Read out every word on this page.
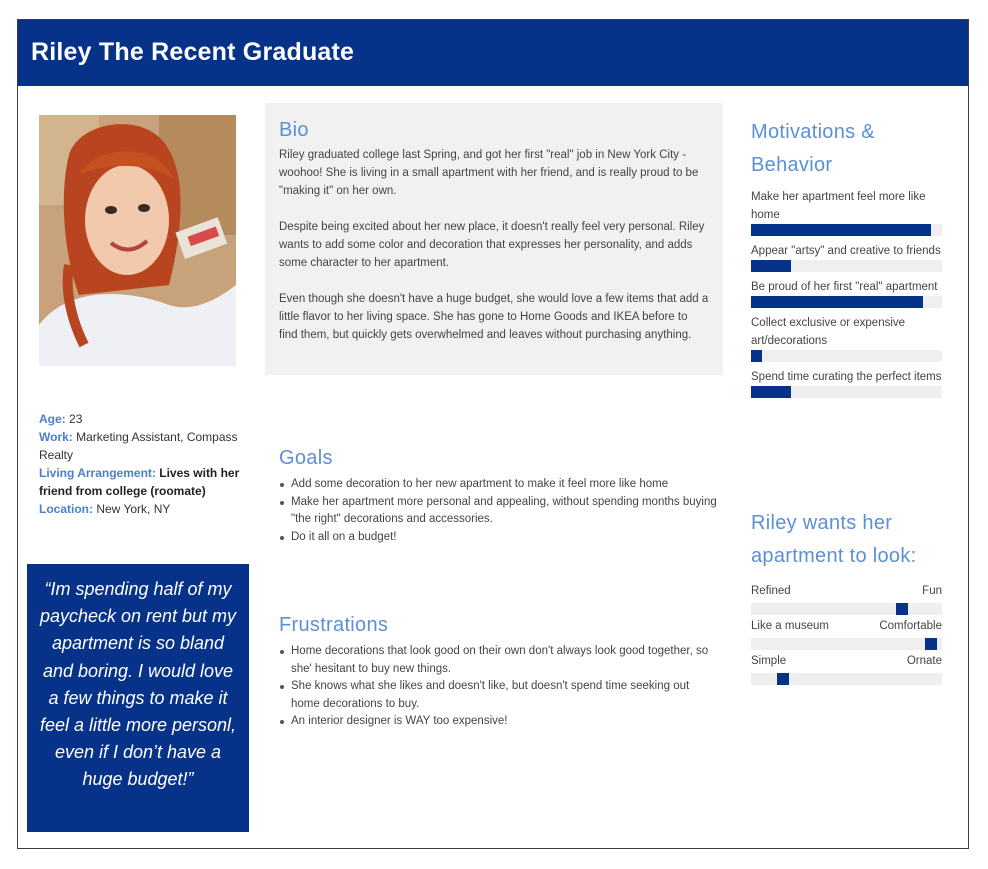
Riley The Recent Graduate
Age: 23
Work: Marketing Assistant, Compass Realty
Living Arrangement: Lives with her friend from college (roomate)
Location: New York, NY
“Im spending half of my paycheck on rent but my apartment is so bland and boring. I would love a few things to make it feel a little more personl, even if I don’t have a huge budget!”
Bio

Riley graduated college last Spring, and got her first "real" job in New York City - woohoo! She is living in a small apartment with her friend, and is really proud to be "making it" on her own.

Despite being excited about her new place, it doesn't really feel very personal. Riley wants to add some color and decoration that expresses her personality, and adds some character to her apartment.

Even though she doesn't have a huge budget, she would love a few items that add a little flavor to her living space. She has gone to Home Goods and IKEA before to find them, but quickly gets overwhelmed and leaves without purchasing anything.

Goals
Add some decoration to her new apartment to make it feel more like home
Make her apartment more personal and appealing, without spending months buying "the right" decorations and accessories.
Do it all on a budget!
Frustrations
Home decorations that look good on their own don't always look good together, so she' hesitant to buy new things.
She knows what she likes and doesn't like, but doesn't spend time seeking out home decorations to buy.
An interior designer is WAY too expensive!
Motivations & Behavior
Make her apartment feel more like home
Appear "artsy" and creative to friends
Be proud of her first "real" apartment
Collect exclusive or expensive art/decorations
Spend time curating the perfect items
Riley wants her apartment to look:
Refined	Fun
Like a museum	Comfortable
Simple	Ornate
